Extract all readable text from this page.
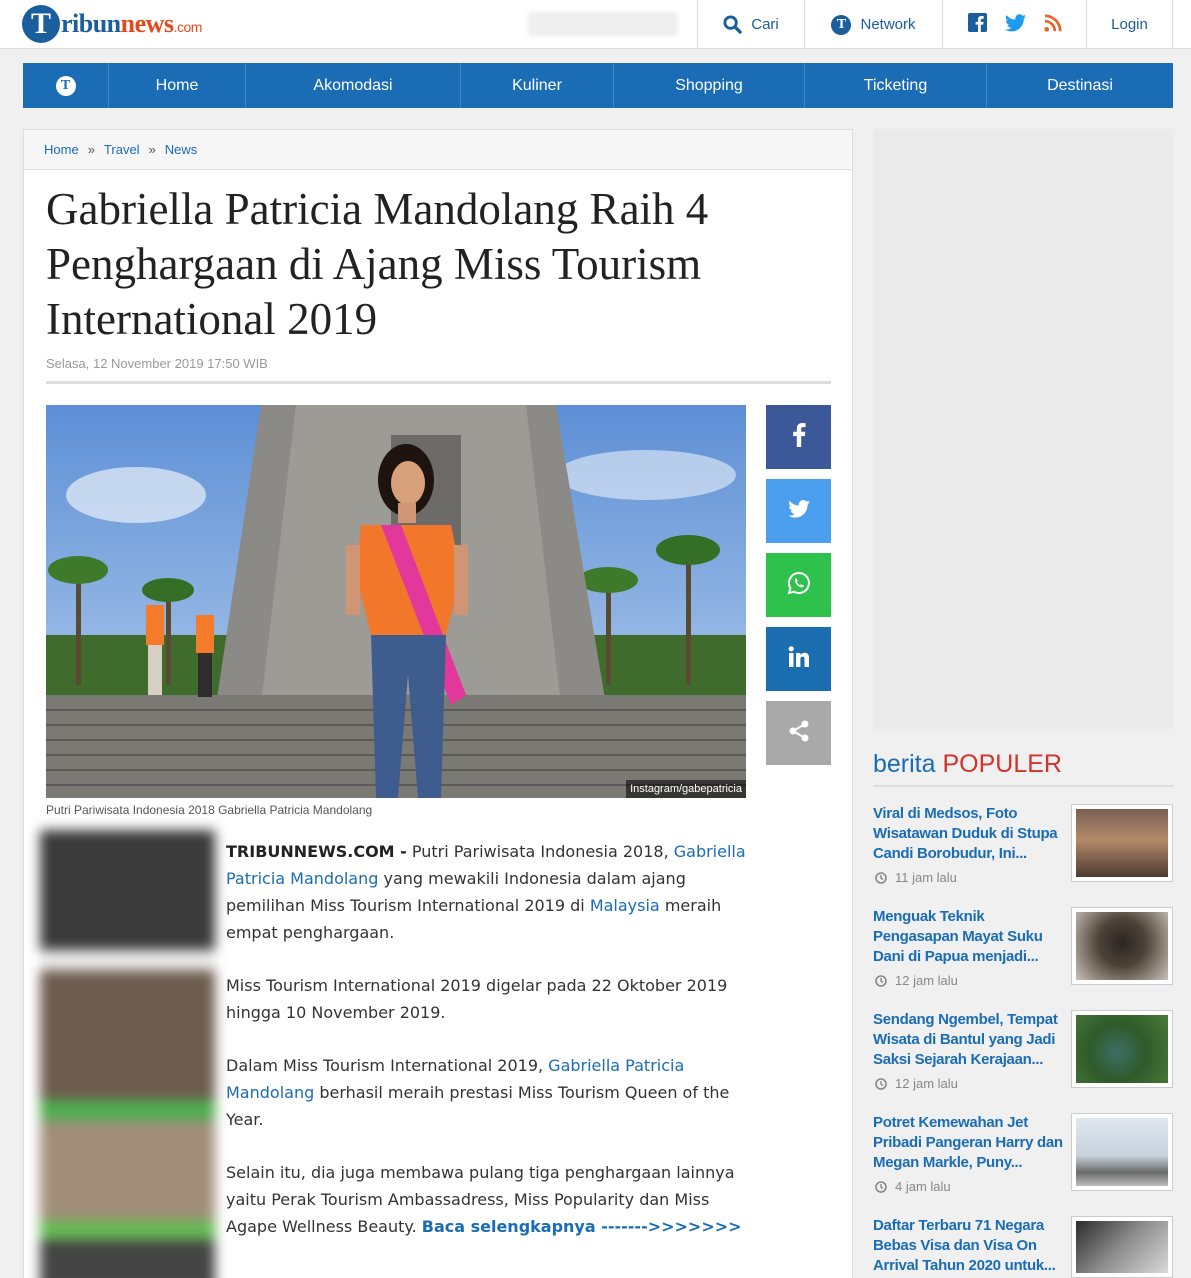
T ribunnews.com	Cari	T Network	Login
T	Home	Akomodasi	Kuliner	Shopping	Ticketing	Destinasi
Home » Travel » News
Gabriella Patricia Mandolang Raih 4 Penghargaan di Ajang Miss Tourism International 2019
Selasa, 12 November 2019 17:50 WIB
Instagram/gabepatricia
Putri Pariwisata Indonesia 2018 Gabriella Patricia Mandolang

TRIBUNNEWS.COM - Putri Pariwisata Indonesia 2018, Gabriella Patricia Mandolang yang mewakili Indonesia dalam ajang pemilihan Miss Tourism International 2019 di Malaysia meraih empat penghargaan.

Miss Tourism International 2019 digelar pada 22 Oktober 2019 hingga 10 November 2019.

Dalam Miss Tourism International 2019, Gabriella Patricia Mandolang berhasil meraih prestasi Miss Tourism Queen of the Year.

Selain itu, dia juga membawa pulang tiga penghargaan lainnya yaitu Perak Tourism Ambassadress, Miss Popularity dan Miss Agape Wellness Beauty. Baca selengkapnya ------->>>>>>>

berita POPULER
Viral di Medsos, Foto Wisatawan Duduk di Stupa Candi Borobudur, Ini...
11 jam lalu
Menguak Teknik Pengasapan Mayat Suku Dani di Papua menjadi...
12 jam lalu
Sendang Ngembel, Tempat Wisata di Bantul yang Jadi Saksi Sejarah Kerajaan...
12 jam lalu
Potret Kemewahan Jet Pribadi Pangeran Harry dan Megan Markle, Puny...
4 jam lalu
Daftar Terbaru 71 Negara Bebas Visa dan Visa On Arrival Tahun 2020 untuk...
